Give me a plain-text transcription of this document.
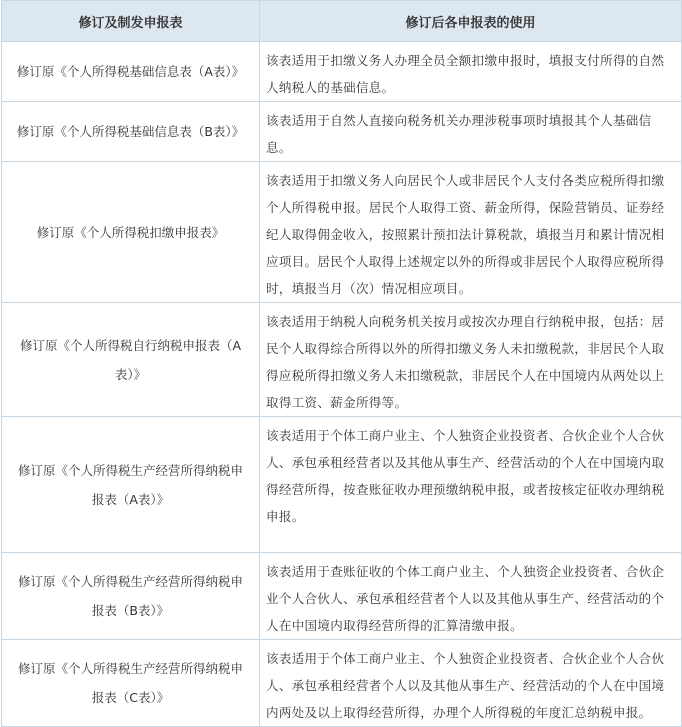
修订及制发申报表	修订后各申报表的使用
修订原《个人所得税基础信息表（A表）》	该表适用于扣缴义务人办理全员全额扣缴申报时，填报支付所得的自然人纳税人的基础信息。
修订原《个人所得税基础信息表（B表）》	该表适用于自然人直接向税务机关办理涉税事项时填报其个人基础信息。
修订原《个人所得税扣缴申报表》	该表适用于扣缴义务人向居民个人或非居民个人支付各类应税所得扣缴个人所得税申报。居民个人取得工资、薪金所得，保险营销员、证券经纪人取得佣金收入，按照累计预扣法计算税款，填报当月和累计情况相应项目。居民个人取得上述规定以外的所得或非居民个人取得应税所得时，填报当月（次）情况相应项目。
修订原《个人所得税自行纳税申报表（A表）》	该表适用于纳税人向税务机关按月或按次办理自行纳税申报，包括：居民个人取得综合所得以外的所得扣缴义务人未扣缴税款，非居民个人取得应税所得扣缴义务人未扣缴税款，非居民个人在中国境内从两处以上取得工资、薪金所得等。
修订原《个人所得税生产经营所得纳税申报表（A表）》	该表适用于个体工商户业主、个人独资企业投资者、合伙企业个人合伙人、承包承租经营者以及其他从事生产、经营活动的个人在中国境内取得经营所得，按查账征收办理预缴纳税申报，或者按核定征收办理纳税申报。
修订原《个人所得税生产经营所得纳税申报表（B表）》	该表适用于查账征收的个体工商户业主、个人独资企业投资者、合伙企业个人合伙人、承包承租经营者个人以及其他从事生产、经营活动的个人在中国境内取得经营所得的汇算清缴申报。
修订原《个人所得税生产经营所得纳税申报表（C表）》	该表适用于个体工商户业主、个人独资企业投资者、合伙企业个人合伙人、承包承租经营者个人以及其他从事生产、经营活动的个人在中国境内两处及以上取得经营所得，办理个人所得税的年度汇总纳税申报。
